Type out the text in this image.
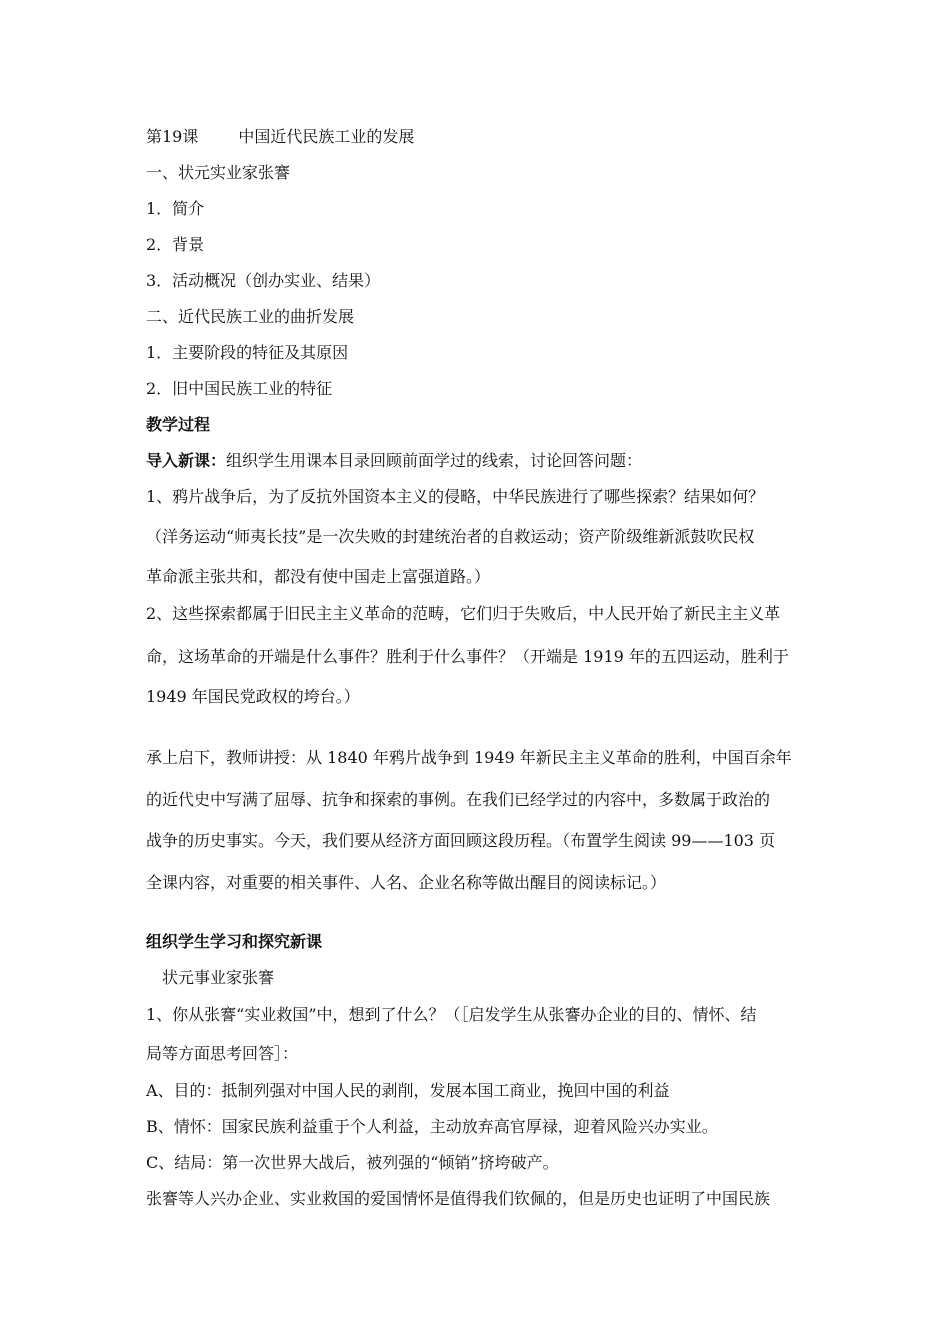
第19课	中国近代民族工业的发展
一、状元实业家张謇
1．简介
2．背景
3．活动概况（创办实业、结果）
二、近代民族工业的曲折发展
1．主要阶段的特征及其原因
2．旧中国民族工业的特征
教学过程
导入新课：组织学生用课本目录回顾前面学过的线索，讨论回答问题：
1、鸦片战争后，为了反抗外国资本主义的侵略，中华民族进行了哪些探索？结果如何？
（洋务运动“师夷长技”是一次失败的封建统治者的自救运动；资产阶级维新派鼓吹民权
革命派主张共和，都没有使中国走上富强道路。）
2、这些探索都属于旧民主主义革命的范畴，它们归于失败后，中人民开始了新民主主义革
命，这场革命的开端是什么事件？胜利于什么事件？（开端是 1919 年的五四运动，胜利于
1949 年国民党政权的垮台。）
承上启下，教师讲授：从 1840 年鸦片战争到 1949 年新民主主义革命的胜利，中国百余年
的近代史中写满了屈辱、抗争和探索的事例。在我们已经学过的内容中，多数属于政治的
战争的历史事实。今天，我们要从经济方面回顾这段历程。（布置学生阅读 99——103 页
全课内容，对重要的相关事件、人名、企业名称等做出醒目的阅读标记。）
组织学生学习和探究新课
状元事业家张謇
1、你从张謇“实业救国”中，想到了什么？（［启发学生从张謇办企业的目的、情怀、结
局等方面思考回答］：
A、目的：抵制列强对中国人民的剥削，发展本国工商业，挽回中国的利益
B、情怀：国家民族利益重于个人利益，主动放弃高官厚禄，迎着风险兴办实业。
C、结局：第一次世界大战后，被列强的“倾销”挤垮破产。
张謇等人兴办企业、实业救国的爱国情怀是值得我们钦佩的，但是历史也证明了中国民族
